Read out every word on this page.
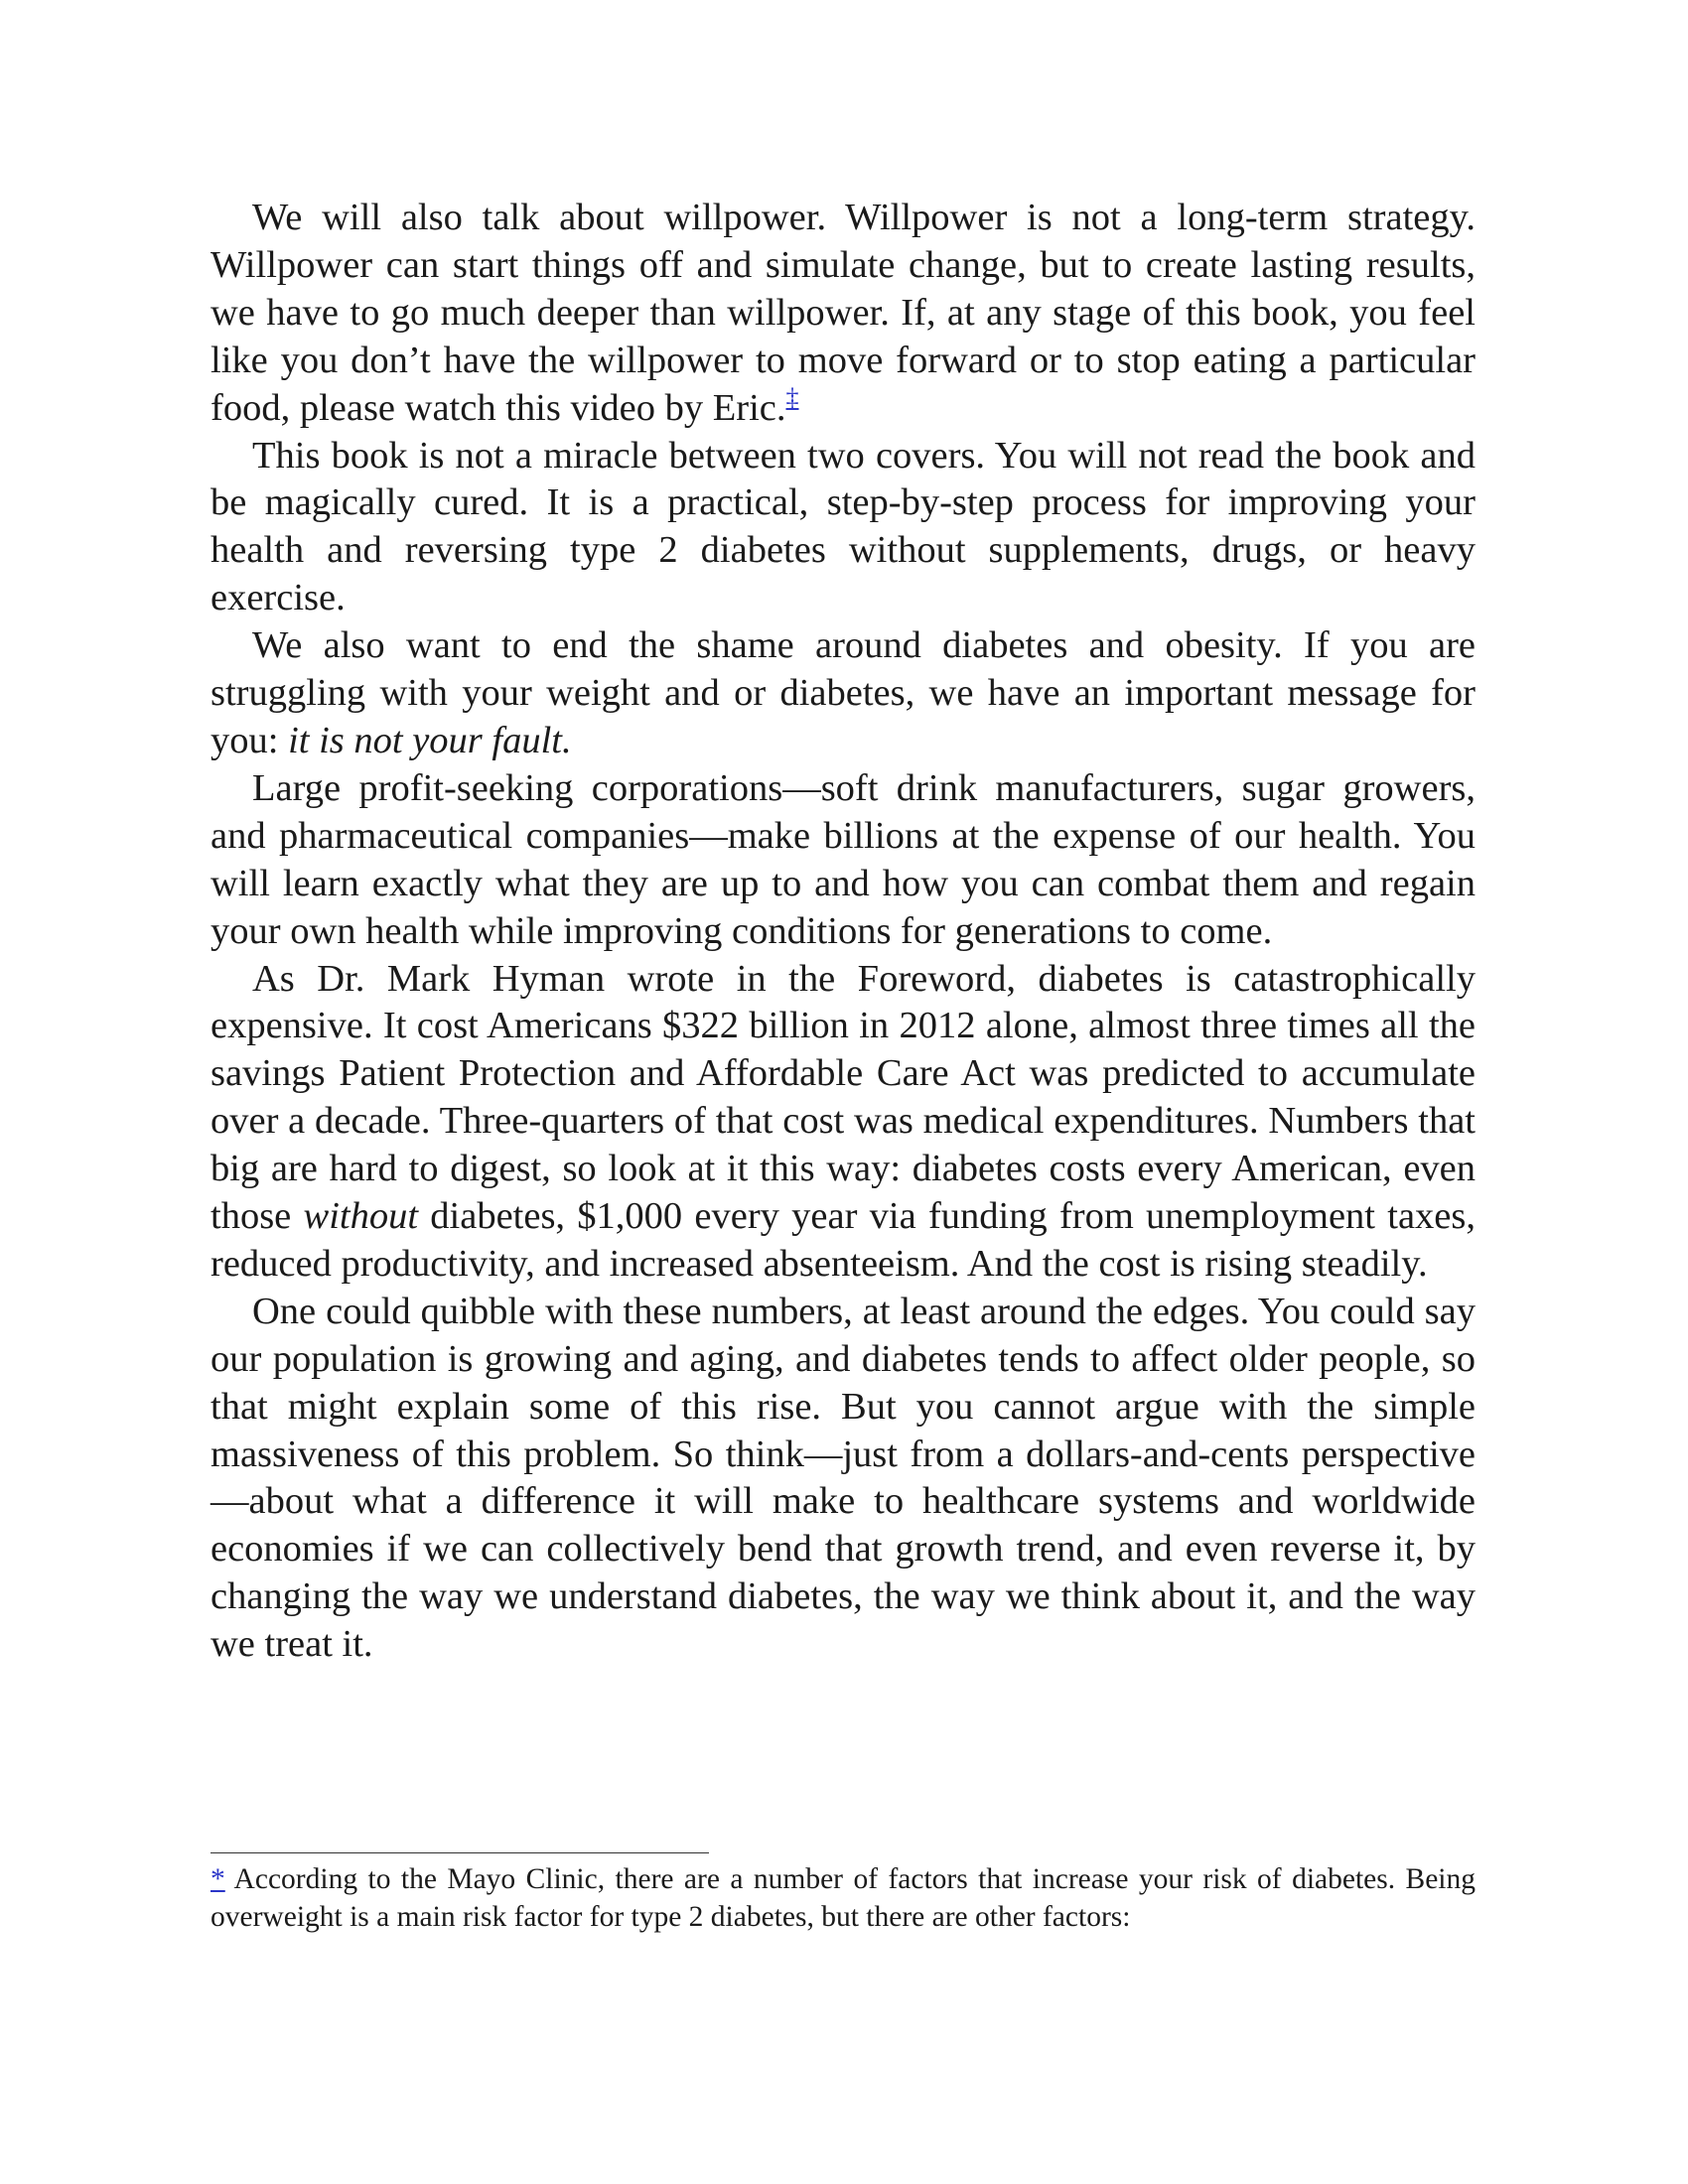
We will also talk about willpower. Willpower is not a long-term strategy. Willpower can start things off and simulate change, but to create lasting results, we have to go much deeper than willpower. If, at any stage of this book, you feel like you don’t have the willpower to move forward or to stop eating a particular food, please watch this video by Eric.‡

This book is not a miracle between two covers. You will not read the book and be magically cured. It is a practical, step-by-step process for improving your health and reversing type 2 diabetes without supplements, drugs, or heavy exercise.

We also want to end the shame around diabetes and obesity. If you are struggling with your weight and or diabetes, we have an important message for you: it is not your fault.

Large profit-seeking corporations—soft drink manufacturers, sugar growers, and pharmaceutical companies—make billions at the expense of our health. You will learn exactly what they are up to and how you can combat them and regain your own health while improving conditions for generations to come.

As Dr. Mark Hyman wrote in the Foreword, diabetes is catastrophically expensive. It cost Americans $322 billion in 2012 alone, almost three times all the savings Patient Protection and Affordable Care Act was predicted to accumulate over a decade. Three-quarters of that cost was medical expenditures. Numbers that big are hard to digest, so look at it this way: diabetes costs every American, even those without diabetes, $1,000 every year via funding from unemployment taxes, reduced productivity, and increased absenteeism. And the cost is rising steadily.

One could quibble with these numbers, at least around the edges. You could say our population is growing and aging, and diabetes tends to affect older people, so that might explain some of this rise. But you cannot argue with the simple massiveness of this problem. So think—just from a dollars-and-cents perspective—about what a difference it will make to healthcare systems and worldwide economies if we can collectively bend that growth trend, and even reverse it, by changing the way we understand diabetes, the way we think about it, and the way we treat it.

* According to the Mayo Clinic, there are a number of factors that increase your risk of diabetes. Being overweight is a main risk factor for type 2 diabetes, but there are other factors:
